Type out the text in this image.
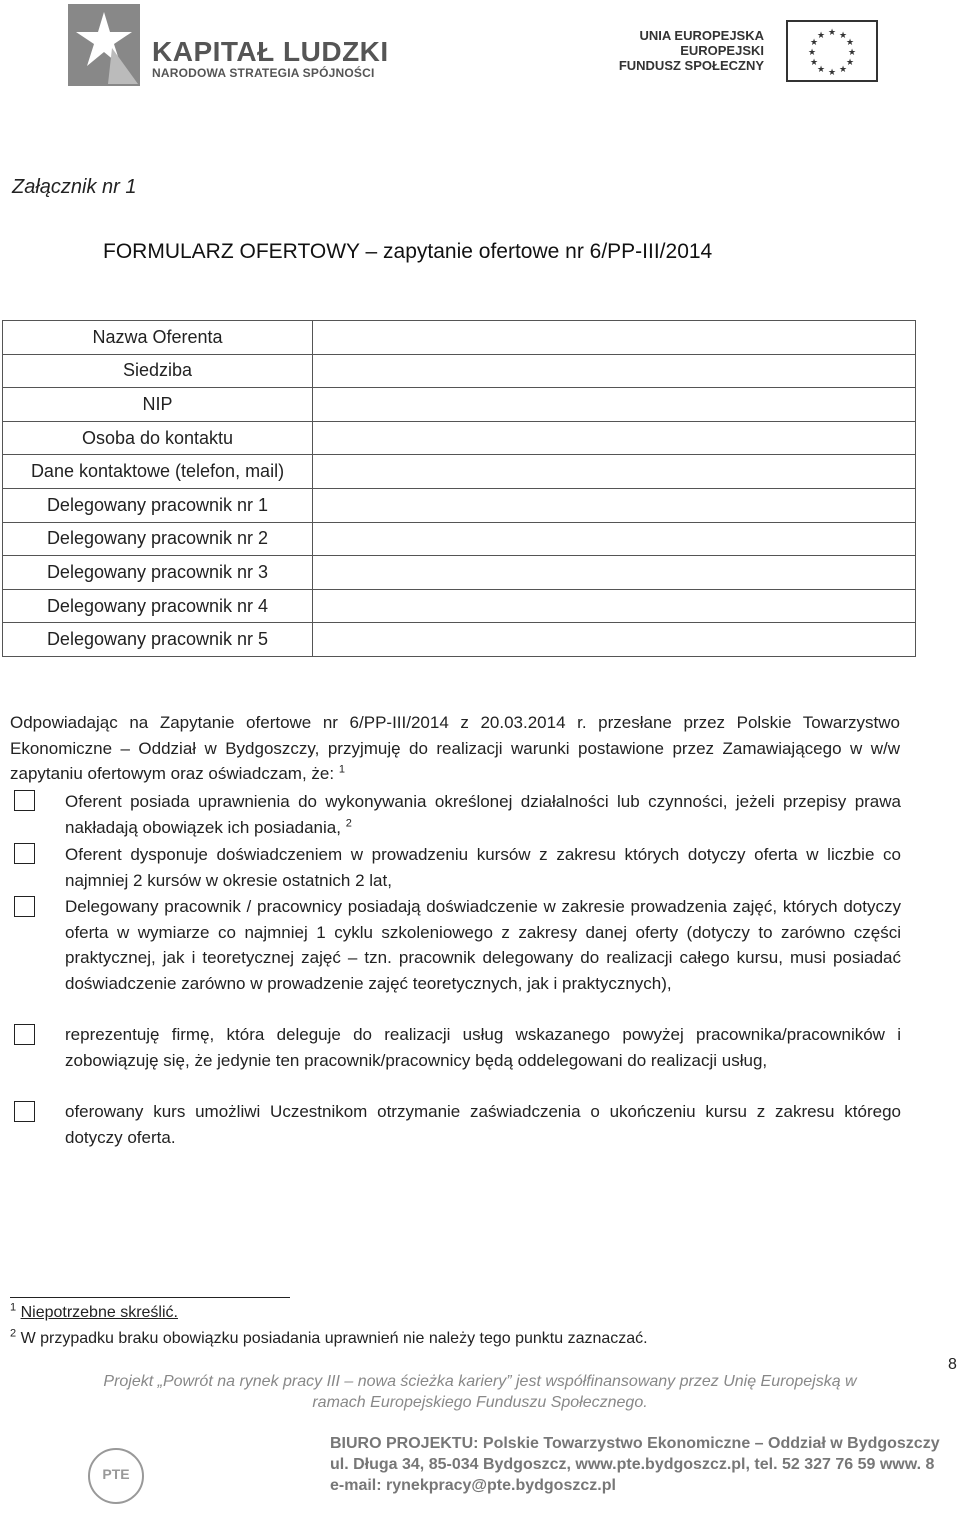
KAPITAŁ LUDZKI
NARODOWA STRATEGIA SPÓJNOŚCI
UNIA EUROPEJSKA
EUROPEJSKI
FUNDUSZ SPOŁECZNY
★ ★
★
★
★
★
★
★
★
★
★
★
Załącznik nr 1
FORMULARZ OFERTOWY – zapytanie ofertowe nr 6/PP-III/2014
Nazwa Oferenta	
Siedziba	
NIP	
Osoba do kontaktu	
Dane kontaktowe (telefon, mail)	
Delegowany pracownik nr 1	
Delegowany pracownik nr 2	
Delegowany pracownik nr 3	
Delegowany pracownik nr 4	
Delegowany pracownik nr 5	
Odpowiadając na Zapytanie ofertowe nr 6/PP-III/2014 z 20.03.2014 r. przesłane przez Polskie Towarzystwo Ekonomiczne – Oddział w Bydgoszczy, przyjmuję do realizacji warunki postawione przez Zamawiającego w w/w zapytaniu ofertowym oraz oświadczam, że: $^1$
Oferent posiada uprawnienia do wykonywania określonej działalności lub czynności, jeżeli przepisy prawa nakładają obowiązek ich posiadania, $^2$
Oferent dysponuje doświadczeniem w prowadzeniu kursów z zakresu których dotyczy oferta w liczbie co najmniej 2 kursów w okresie ostatnich 2 lat,
Delegowany pracownik / pracownicy posiadają doświadczenie w zakresie prowadzenia zajęć, których dotyczy oferta w wymiarze co najmniej 1 cyklu szkoleniowego z zakresy danej oferty (dotyczy to zarówno części praktycznej, jak i teoretycznej zajęć – tzn. pracownik delegowany do realizacji całego kursu, musi posiadać doświadczenie zarówno w prowadzenie zajęć teoretycznych, jak i praktycznych),
reprezentuję firmę, która deleguje do realizacji usług wskazanego powyżej pracownika/pracowników i zobowiązuję się, że jedynie ten pracownik/pracownicy będą oddelegowani do realizacji usług,
oferowany kurs umożliwi Uczestnikom otrzymanie zaświadczenia o ukończeniu kursu z zakresu którego dotyczy oferta.
$^1$ Niepotrzebne skreślić.
$^2$ W przypadku braku obowiązku posiadania uprawnień nie należy tego punktu zaznaczać.
8
Projekt „Powrót na rynek pracy III – nowa ścieżka kariery” jest współfinansowany przez Unię Europejską w
ramach Europejskiego Funduszu Społecznego.
PTE
BIURO PROJEKTU: Polskie Towarzystwo Ekonomiczne – Oddział w Bydgoszczy
ul. Długa 34, 85-034 Bydgoszcz, www.pte.bydgoszcz.pl, tel. 52 327 76 59 www. 8
e-mail: rynekpracy@pte.bydgoszcz.pl
